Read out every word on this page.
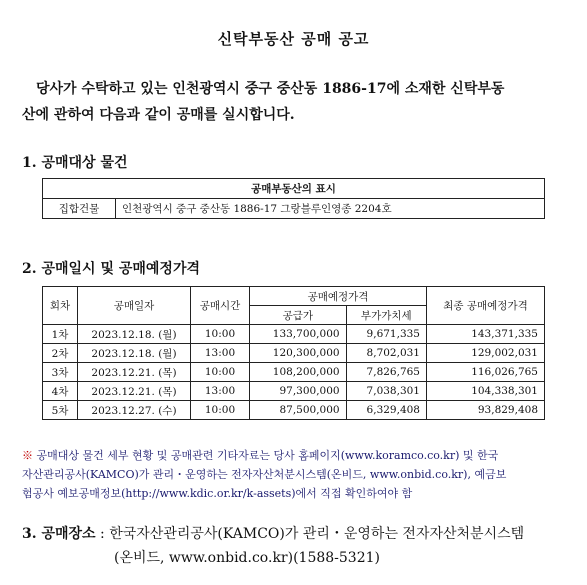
신탁부동산 공매 공고
당사가 수탁하고 있는 인천광역시 중구 중산동 1886-17에 소재한 신탁부동
산에 관하여 다음과 같이 공매를 실시합니다.
1. 공매대상 물건
공매부동산의 표시
집합건물	인천광역시 중구 중산동 1886-17 그랑블루인영종 2204호
2. 공매일시 및 공매예정가격
회차	공매일자	공매시간	공매예정가격		최종 공매예정가격
			공급가	부가가치세	
1차	2023.12.18. (월)	10:00	133,700,000	9,671,335	143,371,335
2차	2023.12.18. (월)	13:00	120,300,000	8,702,031	129,002,031
3차	2023.12.21. (목)	10:00	108,200,000	7,826,765	116,026,765
4차	2023.12.21. (목)	13:00	97,300,000	7,038,301	104,338,301
5차	2023.12.27. (수)	10:00	87,500,000	6,329,408	93,829,408
※ 공매대상 물건 세부 현황 및 공매관련 기타자료는 당사 홈페이지(www.koramco.co.kr) 및 한국
자산관리공사(KAMCO)가 관리・운영하는 전자자산처분시스템(온비드, www.onbid.co.kr), 예금보
험공사 예보공매정보(http://www.kdic.or.kr/k-assets)에서 직접 확인하여야 함
3. 공매장소 : 한국자산관리공사(KAMCO)가 관리・운영하는 전자자산처분시스템
(온비드, www.onbid.co.kr)(1588-5321)
